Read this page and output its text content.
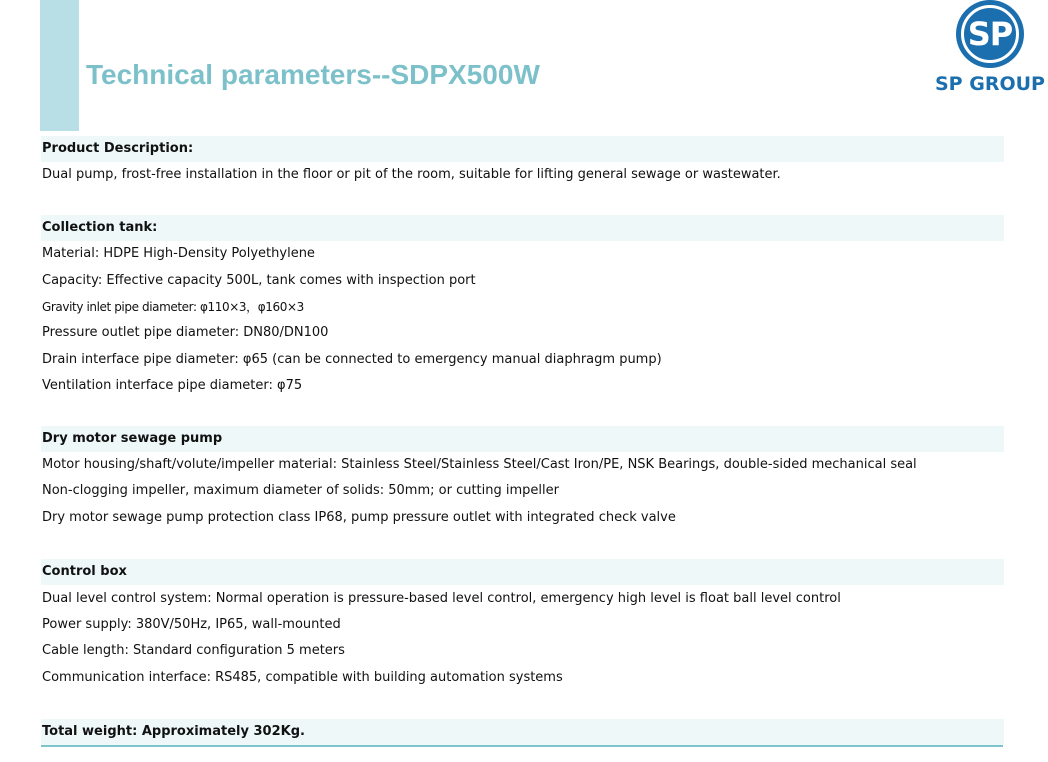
Technical parameters--SDPX500W
SP
SP GROUP
Product Description:
Dual pump, frost-free installation in the floor or pit of the room, suitable for lifting general sewage or wastewater.
Collection tank:
Material: HDPE High-Density Polyethylene
Capacity: Effective capacity 500L, tank comes with inspection port
Gravity inlet pipe diameter: φ110×3，φ160×3
Pressure outlet pipe diameter: DN80/DN100
Drain interface pipe diameter: φ65 (can be connected to emergency manual diaphragm pump)
Ventilation interface pipe diameter: φ75
Dry motor sewage pump
Motor housing/shaft/volute/impeller material: Stainless Steel/Stainless Steel/Cast Iron/PE, NSK Bearings, double-sided mechanical seal
Non-clogging impeller, maximum diameter of solids: 50mm; or cutting impeller
Dry motor sewage pump protection class IP68, pump pressure outlet with integrated check valve
Control box
Dual level control system: Normal operation is pressure-based level control, emergency high level is float ball level control
Power supply: 380V/50Hz, IP65, wall-mounted
Cable length: Standard configuration 5 meters
Communication interface: RS485, compatible with building automation systems
Total weight: Approximately 302Kg.
